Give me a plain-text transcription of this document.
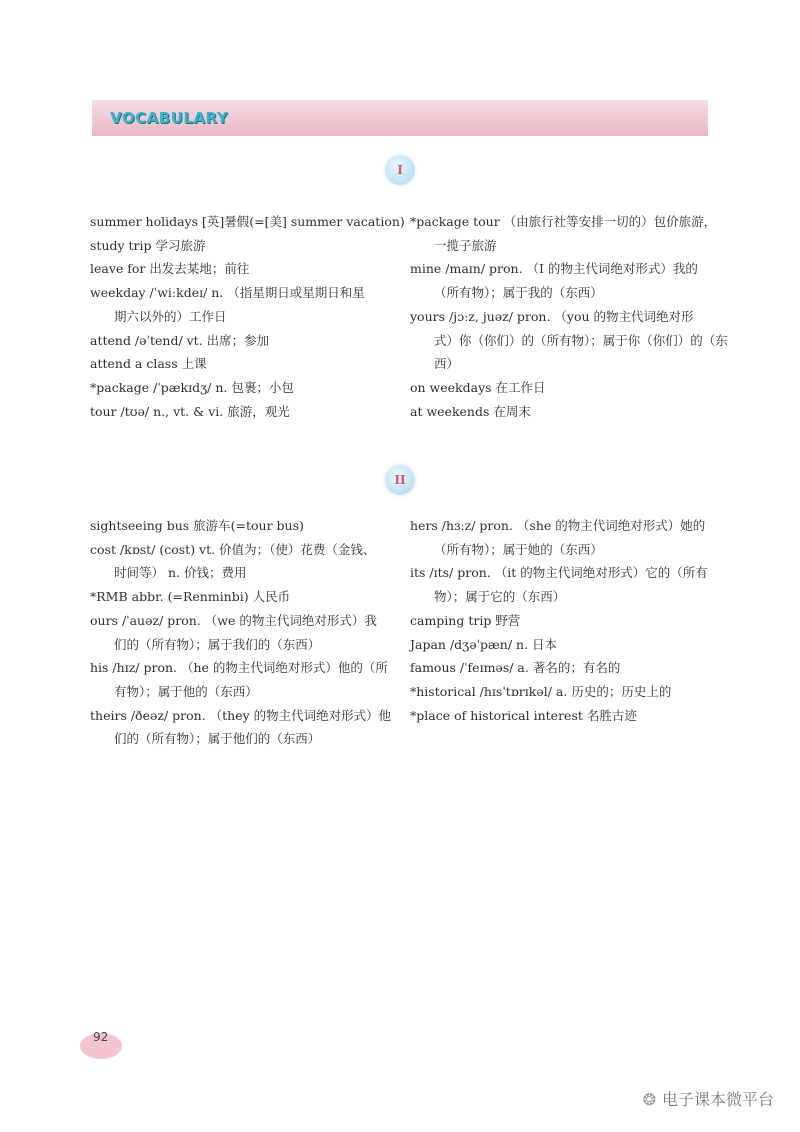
VOCABULARY
I
summer holidays [英]暑假(=[美] summer vacation)
study trip 学习旅游
leave for 出发去某地；前往
weekday /ˈwiːkdeɪ/ n. （指星期日或星期日和星
期六以外的）工作日
attend /əˈtend/ vt. 出席；参加
attend a class 上课
*package /ˈpækɪdʒ/ n. 包裹；小包
tour /tʊə/ n., vt. & vi. 旅游，观光
*package tour （由旅行社等安排一切的）包价旅游，
一揽子旅游
mine /maɪn/ pron. （I 的物主代词绝对形式）我的
（所有物）；属于我的（东西）
yours /jɔːz, juəz/ pron. （you 的物主代词绝对形
式）你（你们）的（所有物）；属于你（你们）的（东
西）
on weekdays 在工作日
at weekends 在周末
II
sightseeing bus 旅游车(=tour bus)
cost /kɒst/ (cost) vt. 价值为；（使）花费（金钱、
时间等） n. 价钱；费用
*RMB abbr. (=Renminbi) 人民币
ours /ˈauəz/ pron. （we 的物主代词绝对形式）我
们的（所有物）；属于我们的（东西）
his /hɪz/ pron. （he 的物主代词绝对形式）他的（所
有物）；属于他的（东西）
theirs /ðeəz/ pron. （they 的物主代词绝对形式）他
们的（所有物）；属于他们的（东西）
hers /hɜːz/ pron. （she 的物主代词绝对形式）她的
（所有物）；属于她的（东西）
its /ɪts/ pron. （it 的物主代词绝对形式）它的（所有
物）；属于它的（东西）
camping trip 野营
Japan /dʒəˈpæn/ n. 日本
famous /ˈfeɪməs/ a. 著名的；有名的
*historical /hɪsˈtɒrɪkəl/ a. 历史的；历史上的
*place of historical interest 名胜古迹
92
❂ 电子课本微平台
